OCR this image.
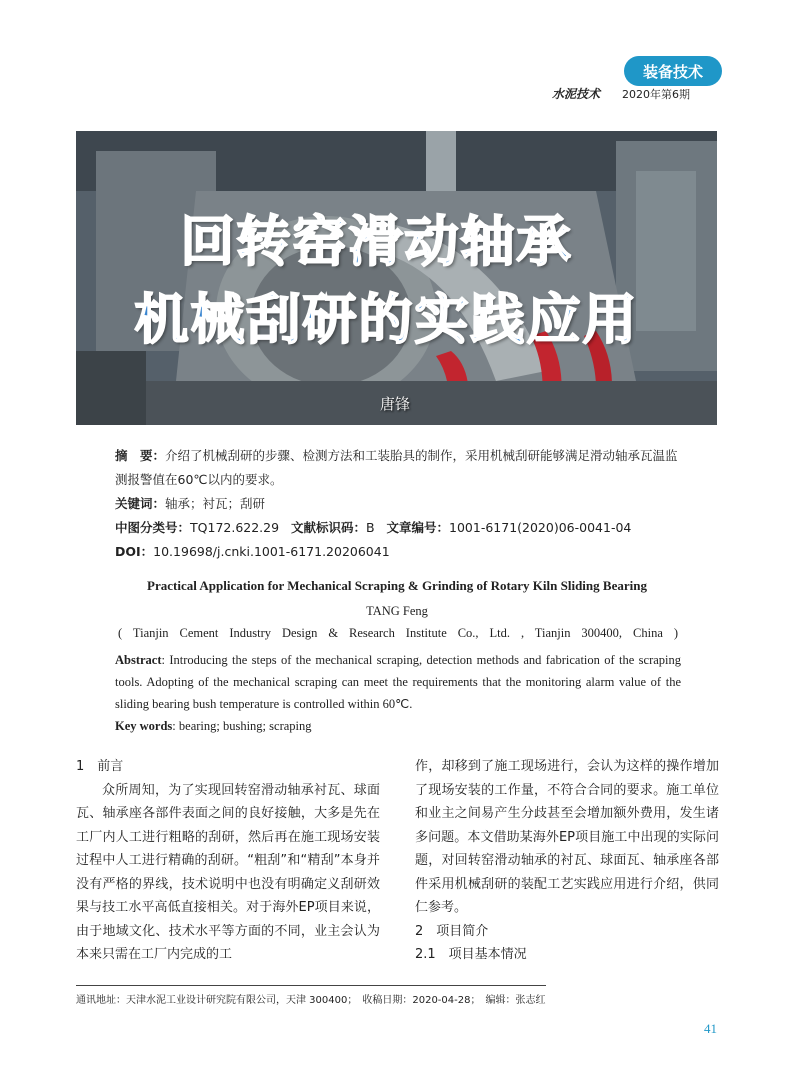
装备技术
水泥技术 2020年第6期
回转窑滑动轴承
机械刮研的实践应用
唐锋
摘　要：介绍了机械刮研的步骤、检测方法和工装胎具的制作，采用机械刮研能够满足滑动轴承瓦温监测报警值在60℃以内的要求。
关键词：轴承；衬瓦；刮研
中图分类号：TQ172.622.29 文献标识码：B 文章编号：1001-6171(2020)06-0041-04
DOI：10.19698/j.cnki.1001-6171.20206041
Practical Application for Mechanical Scraping & Grinding of Rotary Kiln Sliding Bearing
TANG Feng
( Tianjin Cement Industry Design & Research Institute Co., Ltd. , Tianjin 300400, China )
Abstract: Introducing the steps of the mechanical scraping, detection methods and fabrication of the scraping tools. Adopting of the mechanical scraping can meet the requirements that the monitoring alarm value of the sliding bearing bush temperature is controlled within 60℃.
Key words: bearing; bushing; scraping

1　前言

众所周知，为了实现回转窑滑动轴承衬瓦、球面瓦、轴承座各部件表面之间的良好接触，大多是先在工厂内人工进行粗略的刮研，然后再在施工现场安装过程中人工进行精确的刮研。“粗刮”和“精刮”本身并没有严格的界线，技术说明中也没有明确定义刮研效果与技工水平高低直接相关。对于海外EP项目来说，由于地域文化、技术水平等方面的不同，业主会认为本来只需在工厂内完成的工

作，却移到了施工现场进行，会认为这样的操作增加了现场安装的工作量，不符合合同的要求。施工单位和业主之间易产生分歧甚至会增加额外费用，发生诸多问题。本文借助某海外EP项目施工中出现的实际问题，对回转窑滑动轴承的衬瓦、球面瓦、轴承座各部件采用机械刮研的装配工艺实践应用进行介绍，供同仁参考。

2　项目简介

2.1　项目基本情况

通讯地址：天津水泥工业设计研究院有限公司，天津 300400；　收稿日期：2020-04-28；　编辑：张志红
41
